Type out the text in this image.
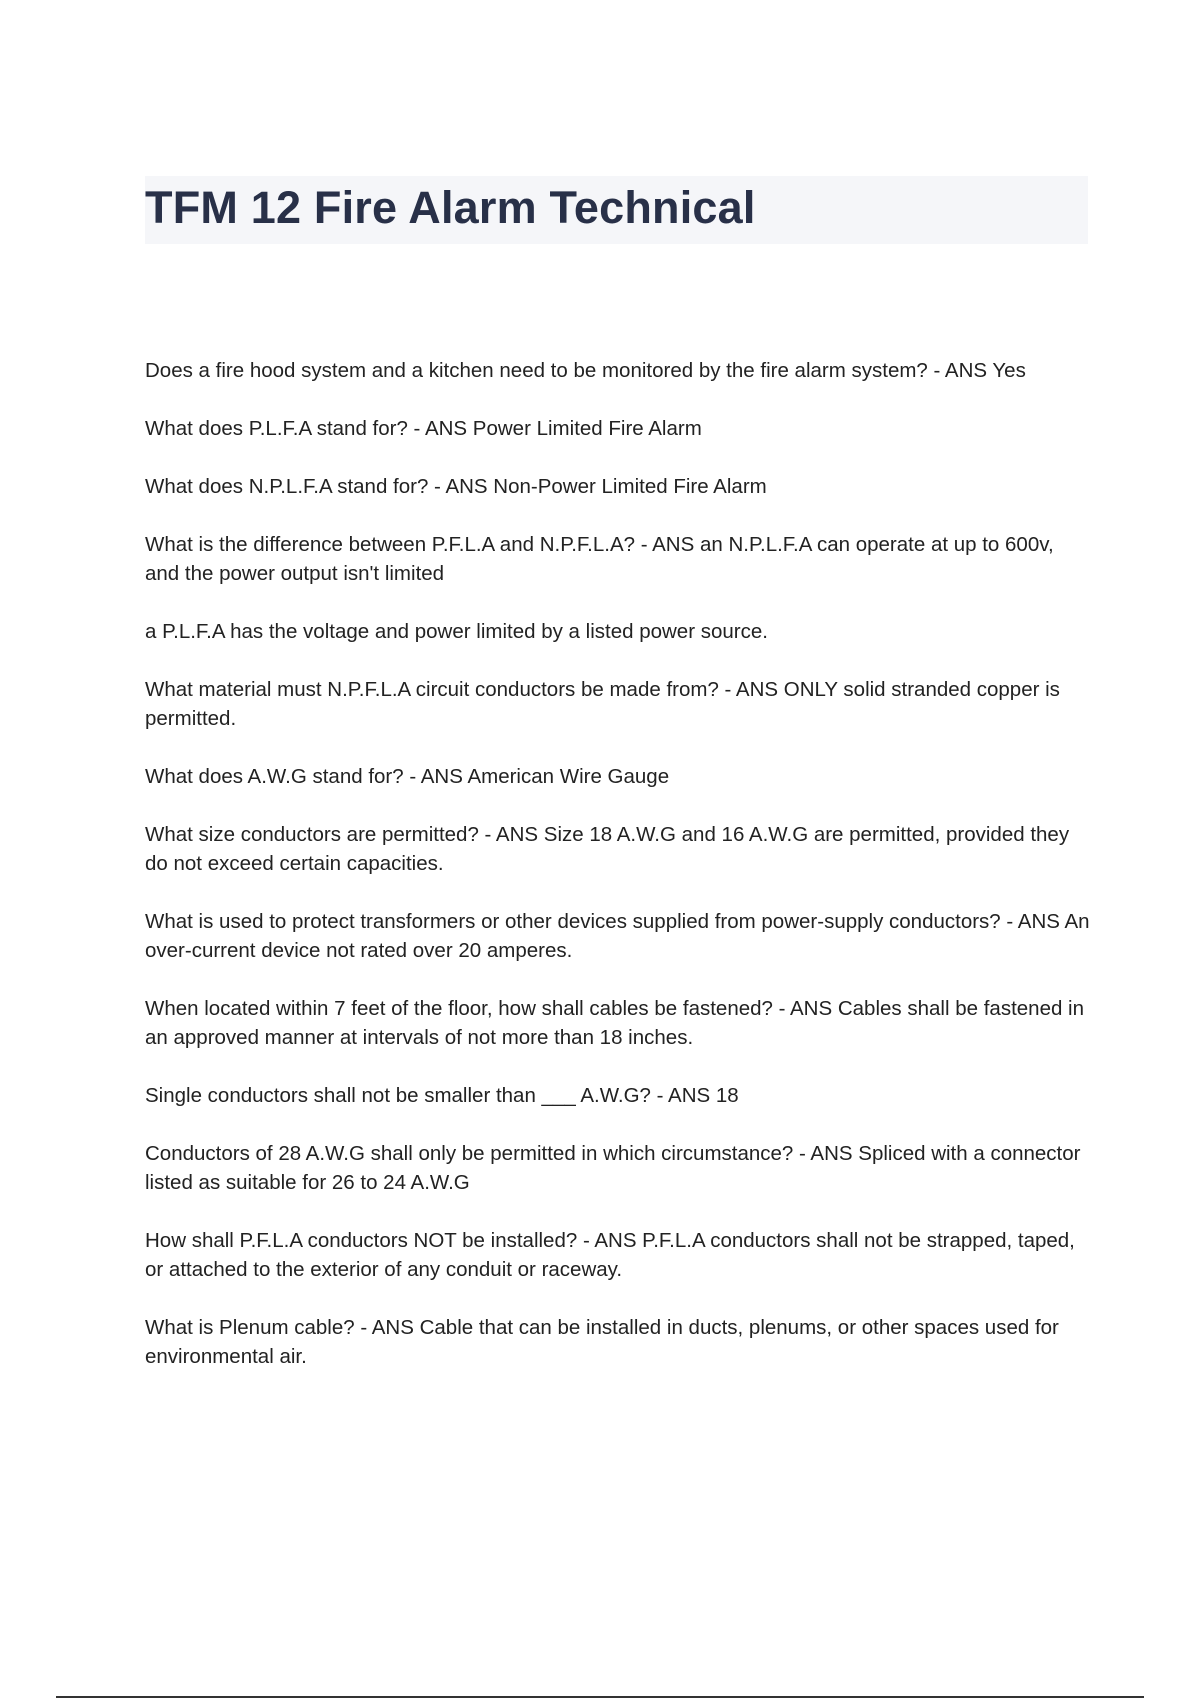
TFM 12 Fire Alarm Technical

Does a fire hood system and a kitchen need to be monitored by the fire alarm system? - ANS Yes

What does P.L.F.A stand for? - ANS Power Limited Fire Alarm

What does N.P.L.F.A stand for? - ANS Non-Power Limited Fire Alarm

What is the difference between P.F.L.A and N.P.F.L.A? - ANS an N.P.L.F.A can operate at up to 600v, and the power output isn't limited

a P.L.F.A has the voltage and power limited by a listed power source.

What material must N.P.F.L.A circuit conductors be made from? - ANS ONLY solid stranded copper is permitted.

What does A.W.G stand for? - ANS American Wire Gauge

What size conductors are permitted? - ANS Size 18 A.W.G and 16 A.W.G are permitted, provided they do not exceed certain capacities.

What is used to protect transformers or other devices supplied from power-supply conductors? - ANS An over-current device not rated over 20 amperes.

When located within 7 feet of the floor, how shall cables be fastened? - ANS Cables shall be fastened in an approved manner at intervals of not more than 18 inches.

Single conductors shall not be smaller than ___ A.W.G? - ANS 18

Conductors of 28 A.W.G shall only be permitted in which circumstance? - ANS Spliced with a connector listed as suitable for 26 to 24 A.W.G

How shall P.F.L.A conductors NOT be installed? - ANS P.F.L.A conductors shall not be strapped, taped, or attached to the exterior of any conduit or raceway.

What is Plenum cable? - ANS Cable that can be installed in ducts, plenums, or other spaces used for environmental air.
